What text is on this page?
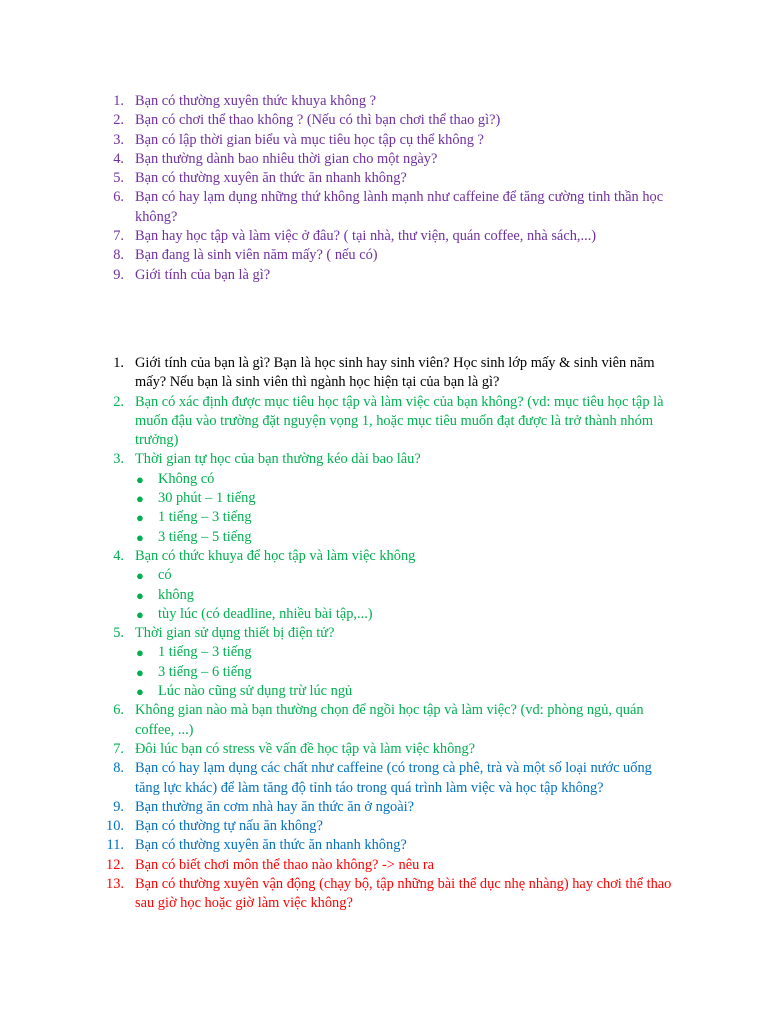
1. Bạn có thường xuyên thức khuya không ?
2. Bạn có chơi thể thao không ? (Nếu có thì bạn chơi thể thao gì?)
3. Bạn có lập thời gian biểu và mục tiêu học tập cụ thể không ?
4. Bạn thường dành bao nhiêu thời gian cho một ngày?
5. Bạn có thường xuyên ăn thức ăn nhanh không?
6. Bạn có hay lạm dụng những thứ không lành mạnh như caffeine để tăng cường tinh thần học không?
7. Bạn hay học tập và làm việc ở đâu? ( tại nhà, thư viện, quán coffee, nhà sách,...)
8. Bạn đang là sinh viên năm mấy? ( nếu có)
9. Giới tính của bạn là gì?
1. Giới tính của bạn là gì? Bạn là học sinh hay sinh viên? Học sinh lớp mấy & sinh viên năm mấy? Nếu bạn là sinh viên thì ngành học hiện tại của bạn là gì?
2. Bạn có xác định được mục tiêu học tập và làm việc của bạn không? (vd: mục tiêu học tập là muốn đậu vào trường đặt nguyện vọng 1, hoặc mục tiêu muốn đạt được là trở thành nhóm trưởng)
3. Thời gian tự học của bạn thường kéo dài bao lâu?
● Không có
● 30 phút – 1 tiếng
● 1 tiếng – 3 tiếng
● 3 tiếng – 5 tiếng
4. Bạn có thức khuya để học tập và làm việc không
● có
● không
● tùy lúc (có deadline, nhiều bài tập,...)
5. Thời gian sử dụng thiết bị điện tử?
● 1 tiếng – 3 tiếng
● 3 tiếng – 6 tiếng
● Lúc nào cũng sử dụng trừ lúc ngủ
6. Không gian nào mà bạn thường chọn để ngồi học tập và làm việc? (vd: phòng ngủ, quán coffee, ...)
7. Đôi lúc bạn có stress về vấn đề học tập và làm việc không?
8. Bạn có hay lạm dụng các chất như caffeine (có trong cà phê, trà và một số loại nước uống tăng lực khác) để làm tăng độ tỉnh táo trong quá trình làm việc và học tập không?
9. Bạn thường ăn cơm nhà hay ăn thức ăn ở ngoài?
10. Bạn có thường tự nấu ăn không?
11. Bạn có thường xuyên ăn thức ăn nhanh không?
12. Bạn có biết chơi môn thể thao nào không? -> nêu ra
13. Bạn có thường xuyên vận động (chạy bộ, tập những bài thể dục nhẹ nhàng) hay chơi thể thao sau giờ học hoặc giờ làm việc không?
